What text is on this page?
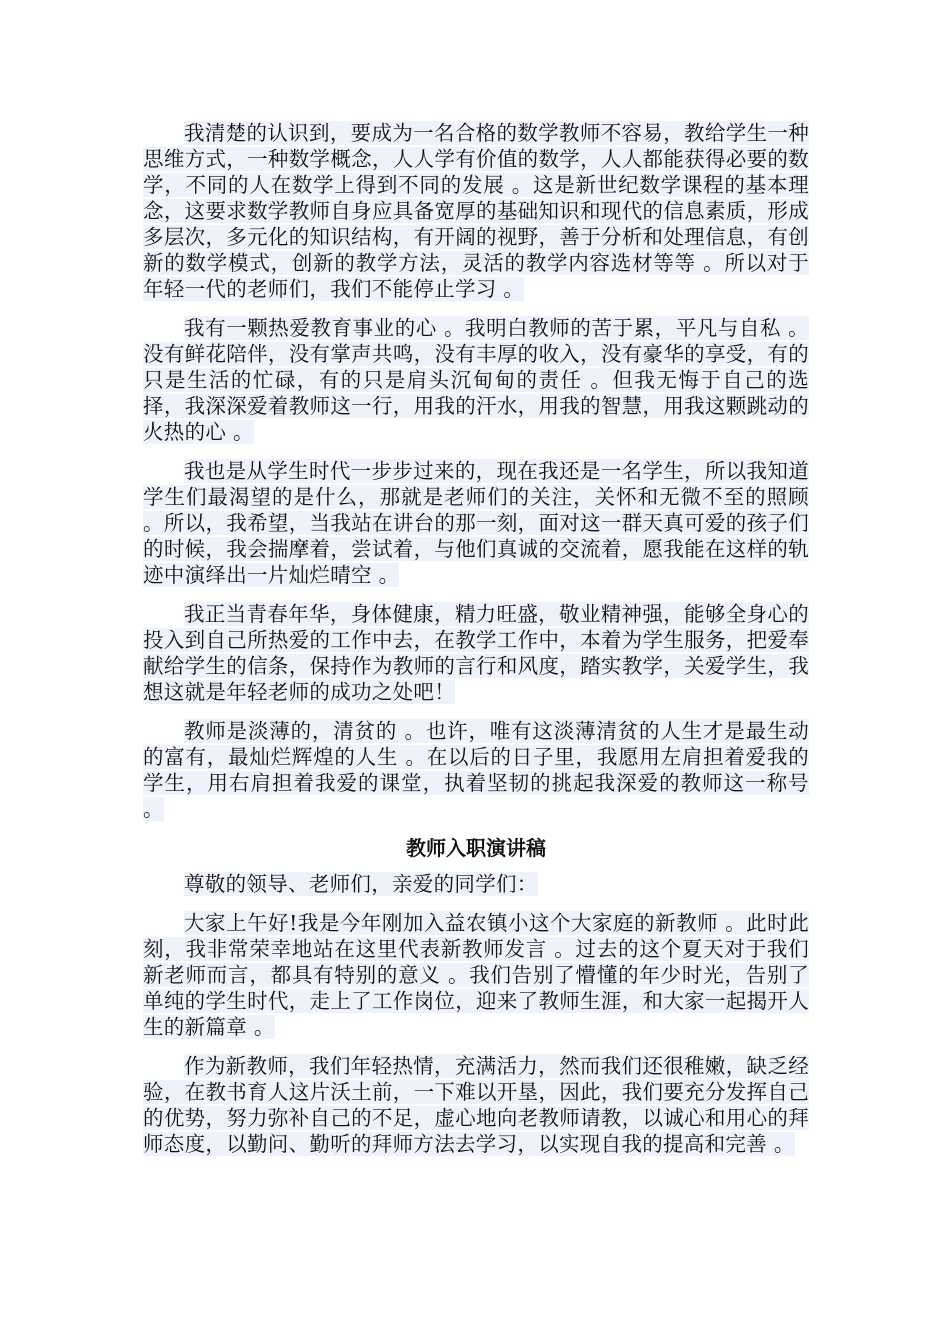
我清楚的认识到，要成为一名合格的数学教师不容易，教给学生一种思维方式，一种数学概念，人人学有价值的数学，人人都能获得必要的数学，不同的人在数学上得到不同的发展 。这是新世纪数学课程的基本理念，这要求数学教师自身应具备宽厚的基础知识和现代的信息素质，形成多层次，多元化的知识结构，有开阔的视野，善于分析和处理信息，有创新的数学模式，创新的教学方法，灵活的教学内容选材等等 。所以对于年轻一代的老师们，我们不能停止学习 。

我有一颗热爱教育事业的心 。我明白教师的苦于累，平凡与自私 。没有鲜花陪伴，没有掌声共鸣，没有丰厚的收入，没有豪华的享受，有的只是生活的忙碌，有的只是肩头沉甸甸的责任 。但我无悔于自己的选择，我深深爱着教师这一行，用我的汗水，用我的智慧，用我这颗跳动的火热的心 。

我也是从学生时代一步步过来的，现在我还是一名学生，所以我知道学生们最渴望的是什么，那就是老师们的关注，关怀和无微不至的照顾 。所以，我希望，当我站在讲台的那一刻，面对这一群天真可爱的孩子们的时候，我会揣摩着，尝试着，与他们真诚的交流着，愿我能在这样的轨迹中演绎出一片灿烂晴空 。

我正当青春年华，身体健康，精力旺盛，敬业精神强，能够全身心的投入到自己所热爱的工作中去，在教学工作中，本着为学生服务，把爱奉献给学生的信条，保持作为教师的言行和风度，踏实教学，关爱学生，我想这就是年轻老师的成功之处吧！

教师是淡薄的，清贫的 。也许，唯有这淡薄清贫的人生才是最生动的富有，最灿烂辉煌的人生 。在以后的日子里，我愿用左肩担着爱我的学生，用右肩担着我爱的课堂，执着坚韧的挑起我深爱的教师这一称号 。

教师入职演讲稿

尊敬的领导、老师们，亲爱的同学们：

大家上午好!我是今年刚加入益农镇小这个大家庭的新教师 。此时此刻，我非常荣幸地站在这里代表新教师发言 。过去的这个夏天对于我们新老师而言，都具有特别的意义 。我们告别了懵懂的年少时光，告别了单纯的学生时代，走上了工作岗位，迎来了教师生涯，和大家一起揭开人生的新篇章 。

作为新教师，我们年轻热情，充满活力，然而我们还很稚嫩，缺乏经验，在教书育人这片沃土前，一下难以开垦，因此，我们要充分发挥自己的优势，努力弥补自己的不足，虚心地向老教师请教，以诚心和用心的拜师态度，以勤问、勤听的拜师方法去学习，以实现自我的提高和完善 。
